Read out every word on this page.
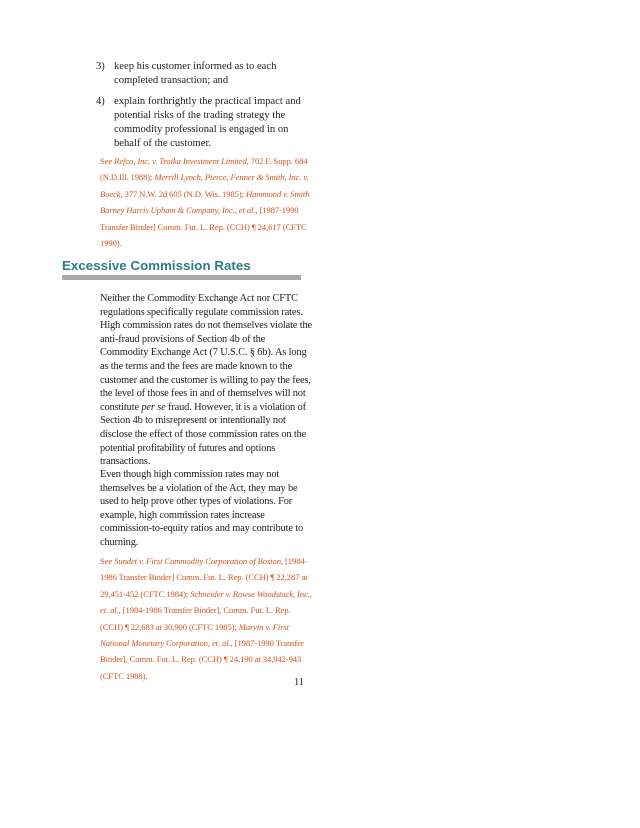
3) keep his customer informed as to each completed transaction; and
4) explain forthrightly the practical impact and potential risks of the trading strategy the commodity professional is engaged in on behalf of the customer.
See Refco, Inc. v. Troika Investment Limited, 702 F. Supp. 684 (N.D.Ill. 1988); Merrill Lynch, Pierce, Fenner & Smith, Inc. v. Boeck, 377 N.W. 2d 605 (N.D. Wis. 1985); Hammond v. Smith Barney Harris Upham & Company, Inc., et al., [1987-1990 Transfer Binder] Comm. Fut. L. Rep. (CCH) ¶ 24,617 (CFTC 1990).
Excessive Commission Rates

Neither the Commodity Exchange Act nor CFTC regulations specifically regulate commission rates. High commission rates do not themselves violate the anti-fraud provisions of Section 4b of the Commodity Exchange Act (7 U.S.C. § 6b). As long as the terms and the fees are made known to the customer and the customer is willing to pay the fees, the level of those fees in and of themselves will not constitute per se fraud. However, it is a violation of Section 4b to misrepresent or intentionally not disclose the effect of those commission rates on the potential profitability of futures and options transactions.

Even though high commission rates may not themselves be a violation of the Act, they may be used to help prove other types of violations. For example, high commission rates increase commission-to-equity ratios and may contribute to churning.

See Sundet v. First Commodity Corporation of Boston, [1984-1986 Transfer Binder] Comm. Fut. L. Rep. (CCH) ¶ 22,287 at 29,451-452 (CFTC 1984); Schneider v. Rowse Woodstock, Inc., et. al., [1984-1986 Transfer Binder], Comm. Fut. L. Rep. (CCH) ¶ 22,683 at 30,900 (CFTC 1985); Marvin v. First National Monetary Corporation, et. al., [1987-1990 Transfer Binder], Comm. Fut. L. Rep. (CCH) ¶ 24,190 at 34,942-943 (CFTC 1988).
11
